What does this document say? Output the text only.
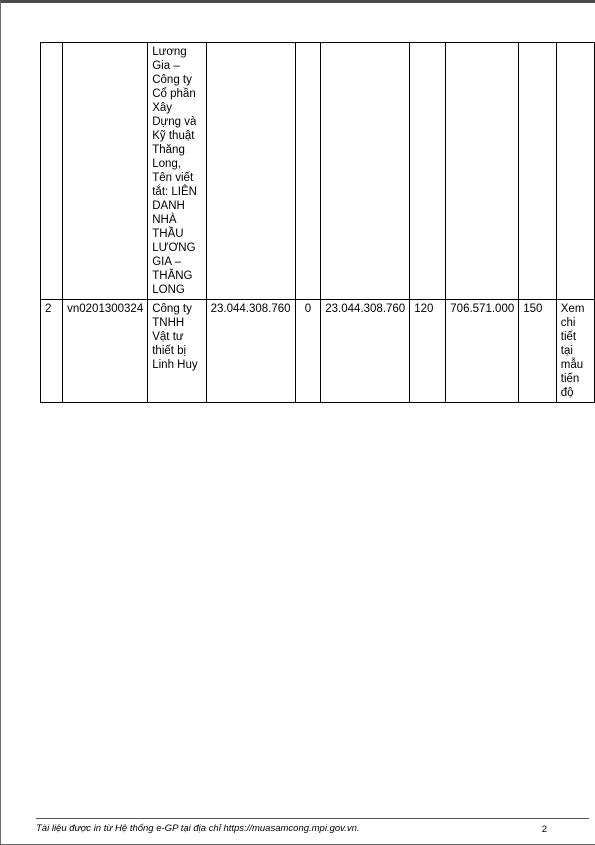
		Lương Gia – Công ty Cổ phần Xây Dựng và Kỹ thuật Thăng Long, Tên viết tắt: LIÊN DANH NHÀ THẦU LƯƠNG GIA – THĂNG LONG							
2	vn0201300324	Công ty TNHH Vật tư thiết bị Linh Huy	23.044.308.760	0	23.044.308.760	120	706.571.000	150	Xem chi tiết tại mẫu tiến độ
Tài liệu được in từ Hệ thống e-GP tại địa chỉ https://muasamcong.mpi.gov.vn.	2
